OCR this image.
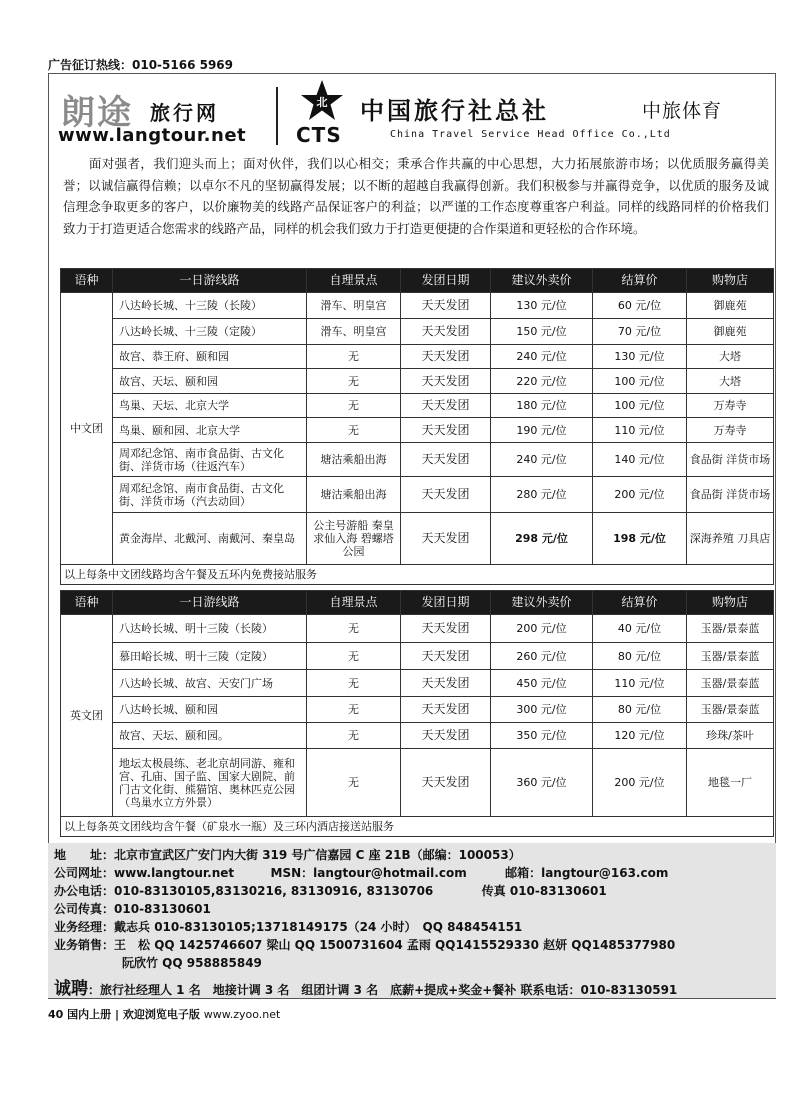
广告征订热线：010-5166 5969
朗途 旅行网
www.langtour.net
北
CTS
中国旅行社总社
China Travel Service Head Office Co.,Ltd
中旅体育
面对强者，我们迎头而上；面对伙伴，我们以心相交；秉承合作共赢的中心思想，大力拓展旅游市场；以优质服务赢得美誉；以诚信赢得信赖；以卓尔不凡的坚韧赢得发展；以不断的超越自我赢得创新。我们积极参与并赢得竞争，以优质的服务及诚信理念争取更多的客户，以价廉物美的线路产品保证客户的利益；以严谨的工作态度尊重客户利益。同样的线路同样的价格我们致力于打造更适合您需求的线路产品，同样的机会我们致力于打造更便捷的合作渠道和更轻松的合作环境。
语种	一日游线路	自理景点	发团日期	建议外卖价	结算价	购物店
中文团	八达岭长城、十三陵（长陵）	滑车、明皇宫	天天发团	130 元/位	60 元/位	御鹿苑
	八达岭长城、十三陵（定陵）	滑车、明皇宫	天天发团	150 元/位	70 元/位	御鹿苑
	故宫、恭王府、颐和园	无	天天发团	240 元/位	130 元/位	大塔
	故宫、天坛、颐和园	无	天天发团	220 元/位	100 元/位	大塔
	鸟巢、天坛、北京大学	无	天天发团	180 元/位	100 元/位	万寿寺
	鸟巢、颐和园、北京大学	无	天天发团	190 元/位	110 元/位	万寿寺
	周邓纪念馆、南市食品街、古文化街、洋货市场（往返汽车）	塘沽乘船出海	天天发团	240 元/位	140 元/位	食品街 洋货市场
	周邓纪念馆、南市食品街、古文化街、洋货市场（汽去动回）	塘沽乘船出海	天天发团	280 元/位	200 元/位	食品街 洋货市场
	黄金海岸、北戴河、南戴河、秦皇岛	公主号游船 秦皇求仙入海 碧螺塔公园	天天发团	298 元/位	198 元/位	深海养殖 刀具店
以上每条中文团线路均含午餐及五环内免费接站服务						
语种	一日游线路	自理景点	发团日期	建议外卖价	结算价	购物店
英文团	八达岭长城、明十三陵（长陵）	无	天天发团	200 元/位	40 元/位	玉器/景泰蓝
	慕田峪长城、明十三陵（定陵）	无	天天发团	260 元/位	80 元/位	玉器/景泰蓝
	八达岭长城、故宫、天安门广场	无	天天发团	450 元/位	110 元/位	玉器/景泰蓝
	八达岭长城、颐和园	无	天天发团	300 元/位	80 元/位	玉器/景泰蓝
	故宫、天坛、颐和园。	无	天天发团	350 元/位	120 元/位	珍珠/茶叶
	地坛太极晨练、老北京胡同游、雍和宫、孔庙、国子监、国家大剧院、前门古文化街、熊猫馆、奥林匹克公园（鸟巢水立方外景）	无	天天发团	360 元/位	200 元/位	地毯一厂
以上每条英文团线均含午餐（矿泉水一瓶）及三环内酒店接送站服务						
地　　址：北京市宣武区广安门内大街 319 号广信嘉园 C 座 21B（邮编：100053）
公司网址：www.langtour.net	MSN：langtour@hotmail.com	邮箱：langtour@163.com
办公电话：010-83130105,83130216, 83130916, 83130706	传真 010-83130601
公司传真：010-83130601
业务经理：戴志兵 010-83130105;13718149175（24 小时）　QQ 848454151
业务销售：王　松 QQ 1425746607 梁山 QQ 1500731604 孟雨 QQ1415529330 赵妍 QQ1485377980
阮欣竹 QQ 958885849
诚聘：旅行社经理人 1 名　地接计调 3 名　组团计调 3 名　底薪+提成+奖金+餐补 联系电话：010-83130591
40 国内上册 | 欢迎浏览电子版 www.zyoo.net
